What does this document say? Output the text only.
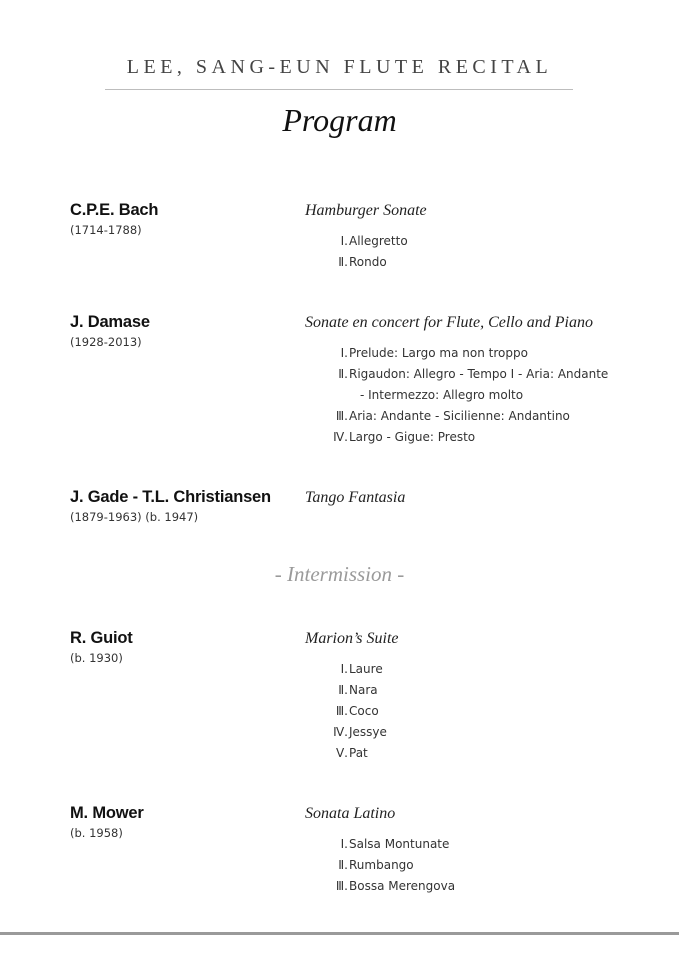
LEE, SANG-EUN FLUTE RECITAL
Program
C.P.E. Bach
(1714-1788)
Hamburger Sonate
Ⅰ. Allegretto
Ⅱ. Rondo
J. Damase
(1928-2013)
Sonate en concert for Flute, Cello and Piano
Ⅰ. Prelude: Largo ma non troppo
Ⅱ. Rigaudon: Allegro - Tempo I - Aria: Andante
- Intermezzo: Allegro molto
Ⅲ. Aria: Andante - Sicilienne: Andantino
Ⅳ. Largo - Gigue: Presto
J. Gade - T.L. Christiansen
(1879-1963) (b. 1947)
Tango Fantasia
- Intermission -
R. Guiot
(b. 1930)
Marion’s Suite
Ⅰ. Laure
Ⅱ. Nara
Ⅲ. Coco
Ⅳ. Jessye
Ⅴ. Pat
M. Mower
(b. 1958)
Sonata Latino
Ⅰ. Salsa Montunate
Ⅱ. Rumbango
Ⅲ. Bossa Merengova
